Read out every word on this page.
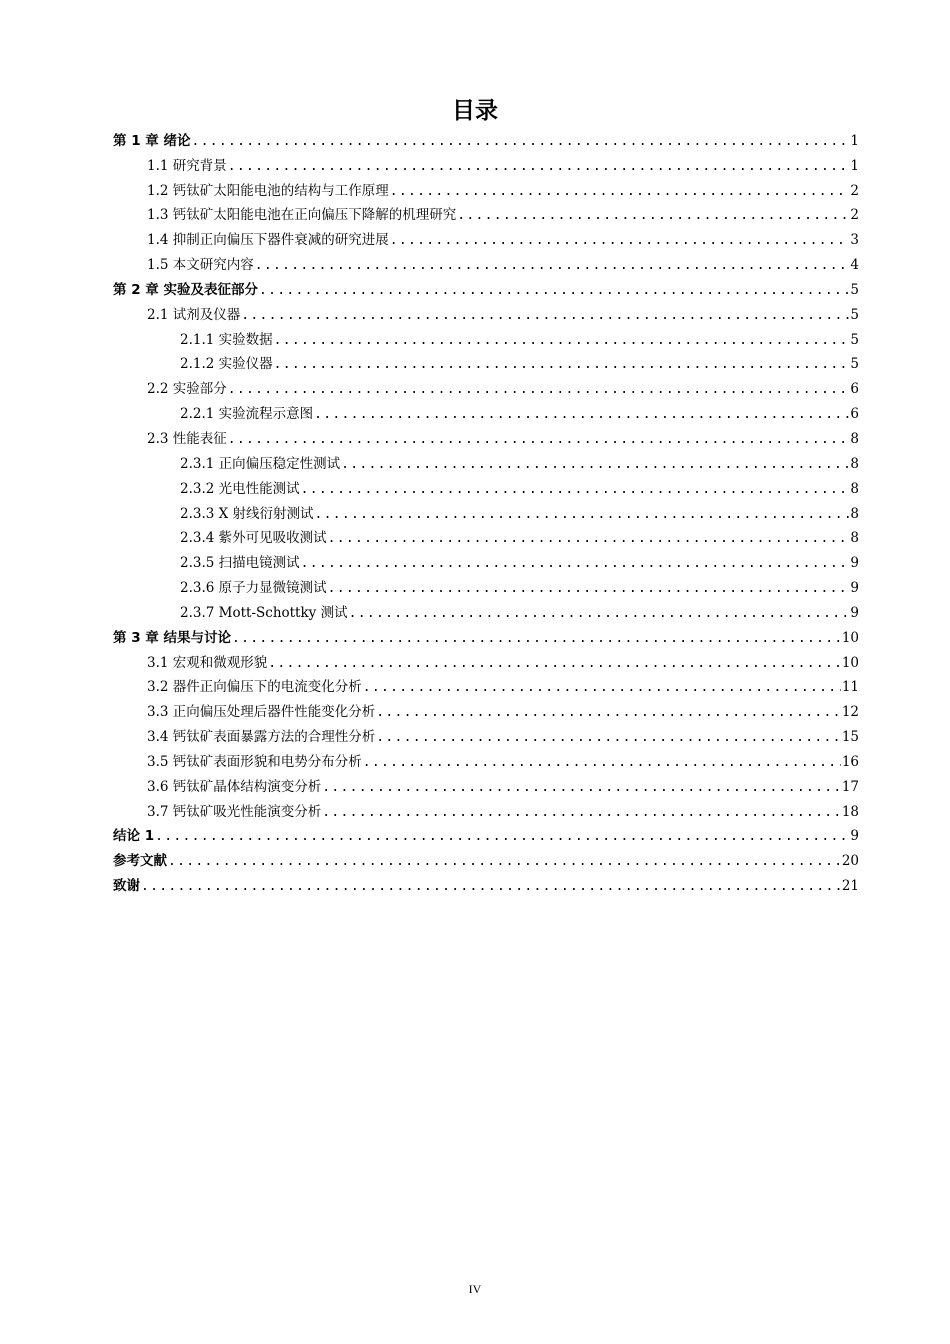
目录
第 1 章 绪论 .....	1
1.1 研究背景 .....	1
1.2 钙钛矿太阳能电池的结构与工作原理 .....	2
1.3 钙钛矿太阳能电池在正向偏压下降解的机理研究 .....	2
1.4 抑制正向偏压下器件衰减的研究进展 .....	3
1.5 本文研究内容 .....	4
第 2 章 实验及表征部分 .....	5
2.1 试剂及仪器 .....	5
2.1.1 实验数据 .....	5
2.1.2 实验仪器 .....	5
2.2 实验部分 .....	6
2.2.1 实验流程示意图 .....	6
2.3 性能表征 .....	8
2.3.1 正向偏压稳定性测试 .....	8
2.3.2 光电性能测试 .....	8
2.3.3 X 射线衍射测试 .....	8
2.3.4 紫外可见吸收测试 .....	8
2.3.5 扫描电镜测试 .....	9
2.3.6 原子力显微镜测试 .....	9
2.3.7 Mott-Schottky 测试 .....	9
第 3 章 结果与讨论 .....	10
3.1 宏观和微观形貌 .....	10
3.2 器件正向偏压下的电流变化分析 .....	11
3.3 正向偏压处理后器件性能变化分析 .....	12
3.4 钙钛矿表面暴露方法的合理性分析 .....	15
3.5 钙钛矿表面形貌和电势分布分析 .....	16
3.6 钙钛矿晶体结构演变分析 .....	17
3.7 钙钛矿吸光性能演变分析 .....	18
结论 1 .....	9
参考文献 .....	20
致谢 .....	21
IV
